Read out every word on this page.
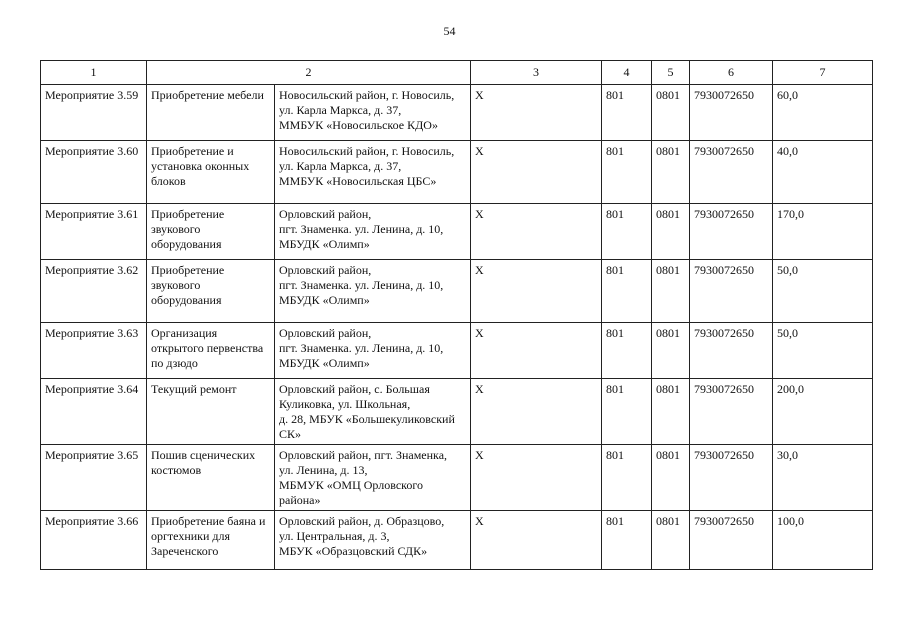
54
1	2		3	4	5	6	7
Мероприятие 3.59	Приобретение мебели	Новосильский район, г. Новосиль,
ул. Карла Маркса, д. 37,
ММБУК «Новосильское КДО»	X	801	0801	7930072650	60,0
Мероприятие 3.60	Приобретение и установка оконных блоков	Новосильский район, г. Новосиль,
ул. Карла Маркса, д. 37,
ММБУК «Новосильская ЦБС»	X	801	0801	7930072650	40,0
Мероприятие 3.61	Приобретение звукового оборудования	Орловский район,
пгт. Знаменка. ул. Ленина, д. 10,
МБУДК «Олимп»	X	801	0801	7930072650	170,0
Мероприятие 3.62	Приобретение звукового оборудования	Орловский район,
пгт. Знаменка. ул. Ленина, д. 10,
МБУДК «Олимп»	X	801	0801	7930072650	50,0
Мероприятие 3.63	Организация открытого первенства по дзюдо	Орловский район,
пгт. Знаменка. ул. Ленина, д. 10,
МБУДК «Олимп»	X	801	0801	7930072650	50,0
Мероприятие 3.64	Текущий ремонт	Орловский район, с. Большая
Куликовка, ул. Школьная,
д. 28, МБУК «Большекуликовский
СК»	X	801	0801	7930072650	200,0
Мероприятие 3.65	Пошив сценических костюмов	Орловский район, пгт. Знаменка,
ул. Ленина, д. 13,
МБМУК «ОМЦ Орловского
района»	X	801	0801	7930072650	30,0
Мероприятие 3.66	Приобретение баяна и оргтехники для Зареченского	Орловский район, д. Образцово,
ул. Центральная, д. 3,
МБУК «Образцовский СДК»	X	801	0801	7930072650	100,0
